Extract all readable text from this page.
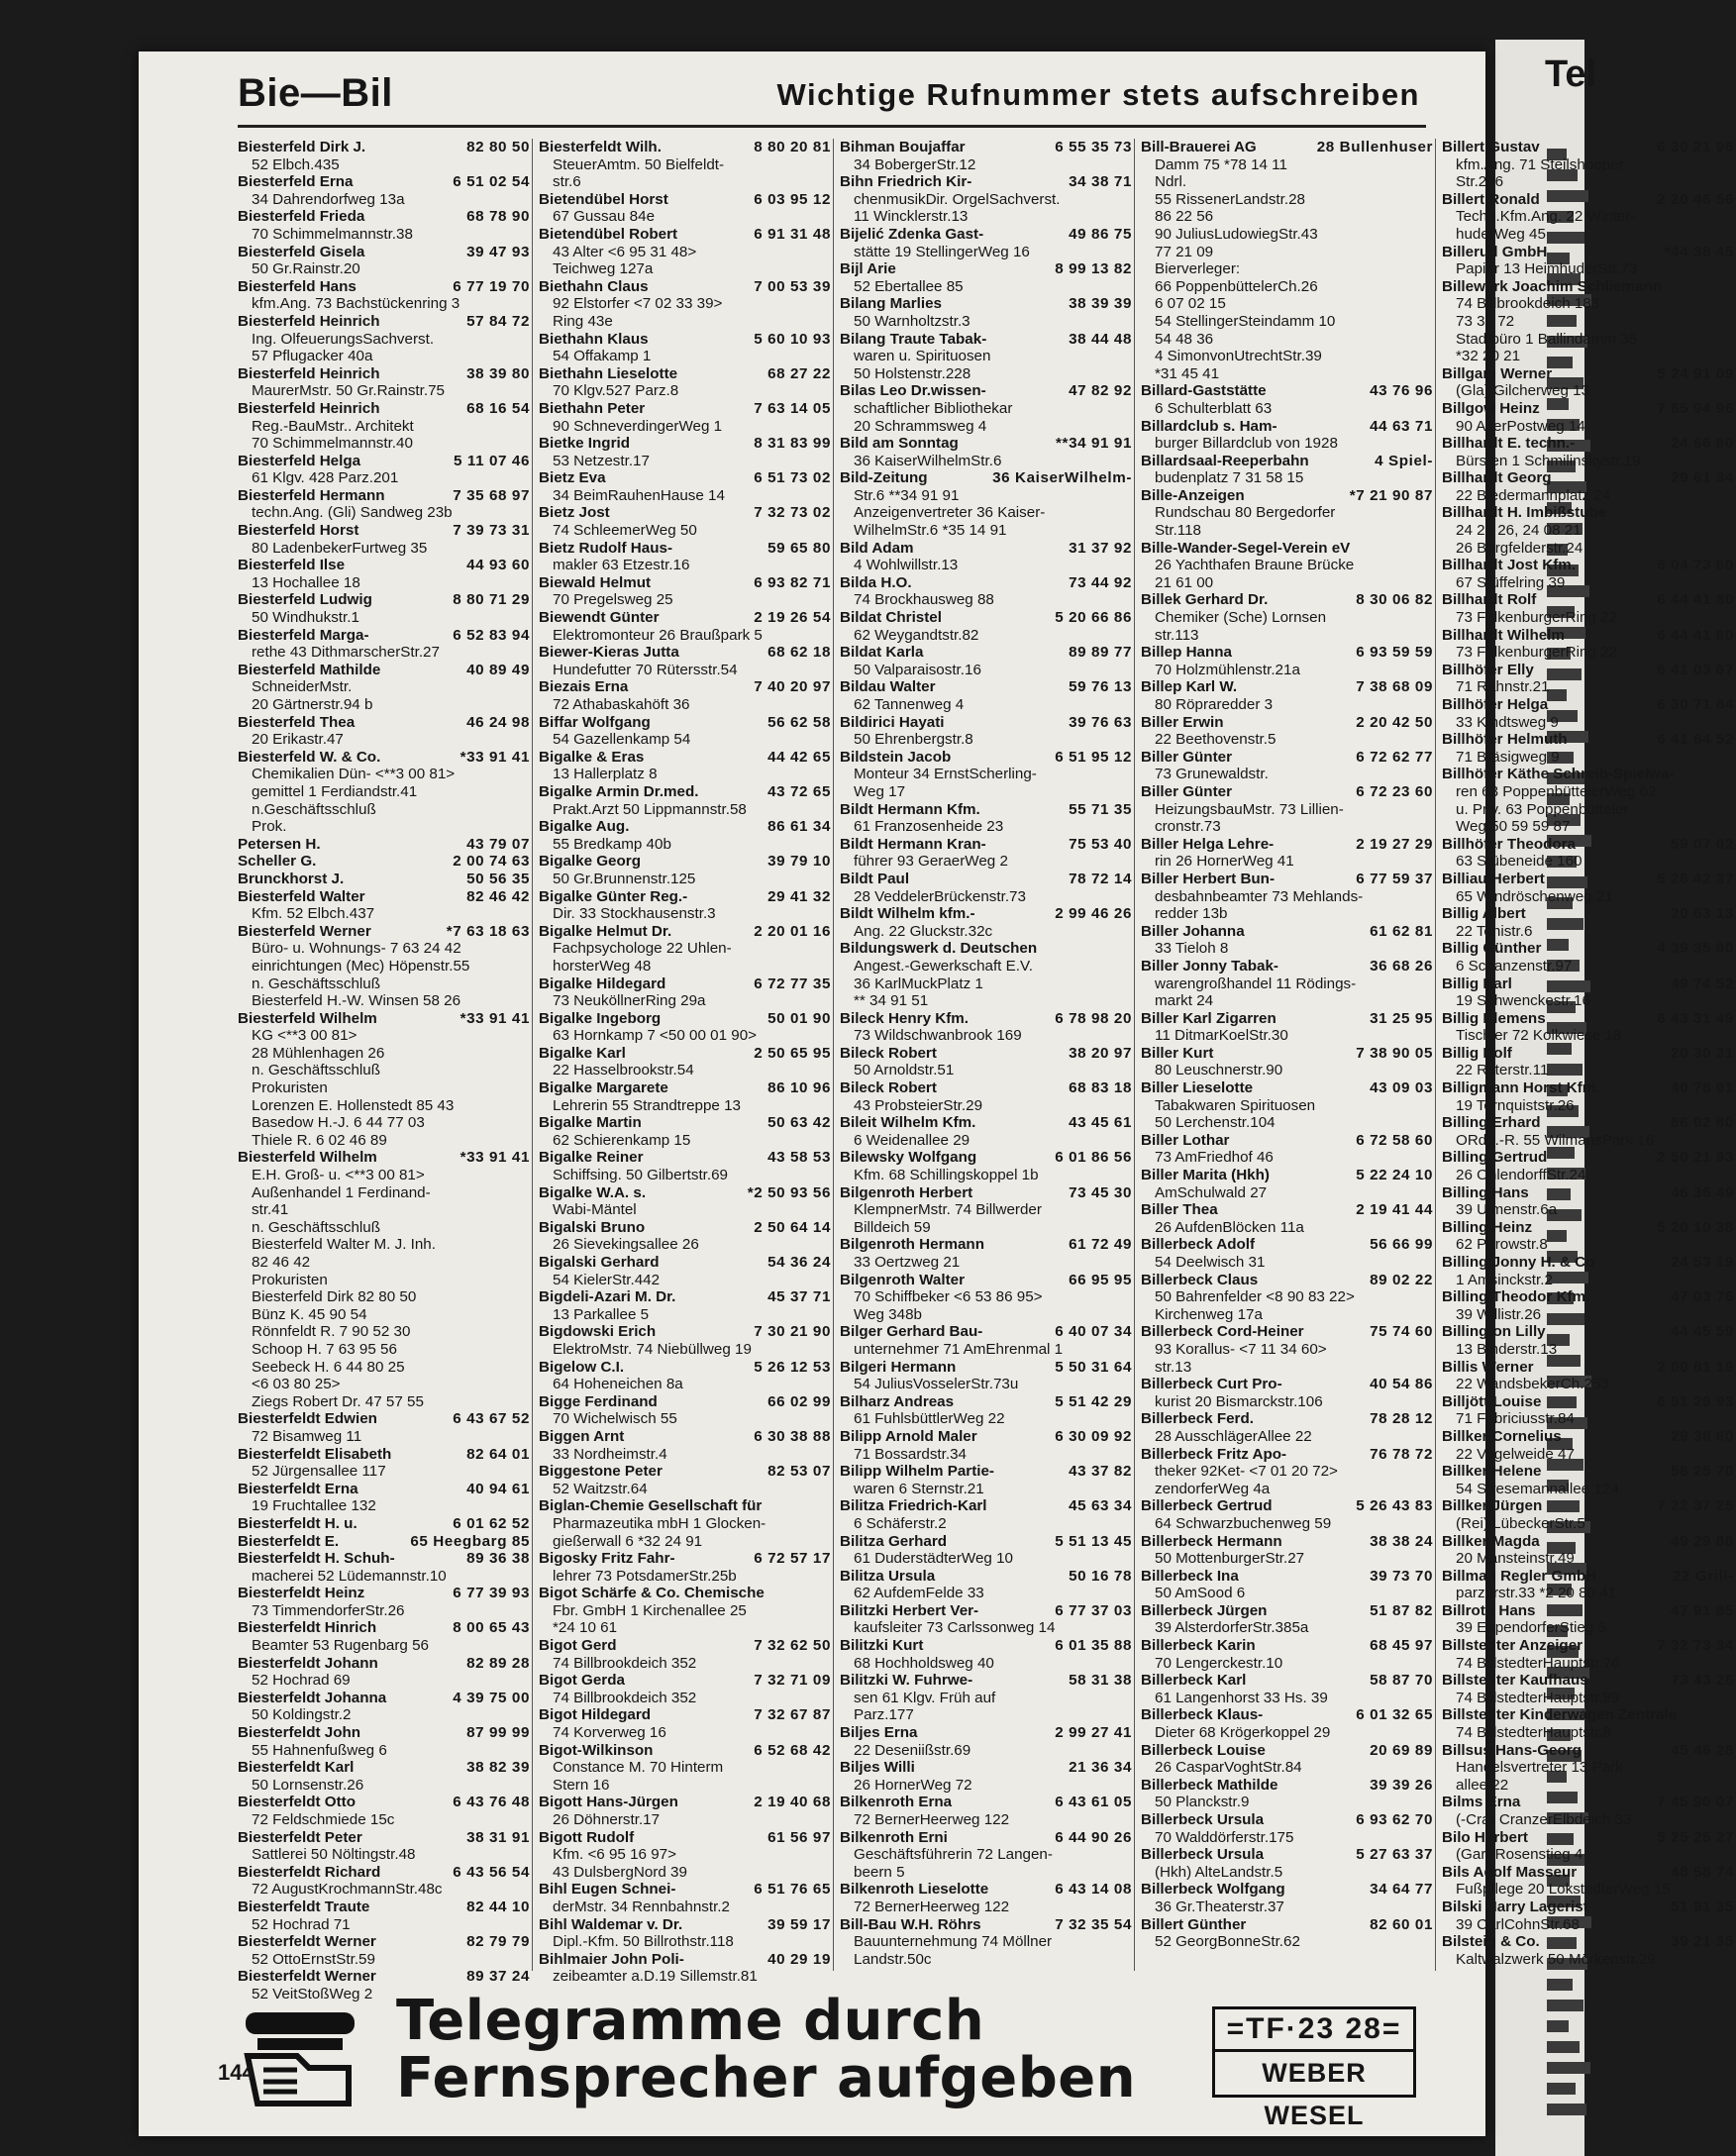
Tel
Bie—Bil	Wichtige Rufnummer stets aufschreiben
Biesterfeld Dirk J.	82 80 50
52 Elbch.435
Biesterfeld Erna	6 51 02 54
34 Dahrendorfweg 13a
Biesterfeld Frieda	68 78 90
70 Schimmelmannstr.38
Biesterfeld Gisela	39 47 93
50 Gr.Rainstr.20
Biesterfeld Hans	6 77 19 70
kfm.Ang. 73 Bachstückenring 3
Biesterfeld Heinrich	57 84 72
Ing. OlfeuerungsSachverst.
57 Pflugacker 40a
Biesterfeld Heinrich	38 39 80
MaurerMstr. 50 Gr.Rainstr.75
Biesterfeld Heinrich	68 16 54
Reg.-BauMstr.. Architekt
70 Schimmelmannstr.40
Biesterfeld Helga	5 11 07 46
61 Klgv. 428 Parz.201
Biesterfeld Hermann	7 35 68 97
techn.Ang. (Gli) Sandweg 23b
Biesterfeld Horst	7 39 73 31
80 LadenbekerFurtweg 35
Biesterfeld Ilse	44 93 60
13 Hochallee 18
Biesterfeld Ludwig	8 80 71 29
50 Windhukstr.1
Biesterfeld Marga-	6 52 83 94
rethe 43 DithmarscherStr.27
Biesterfeld Mathilde	40 89 49
SchneiderMstr.
20 Gärtnerstr.94 b
Biesterfeld Thea	46 24 98
20 Erikastr.47
Biesterfeld W. & Co.	*33 91 41
Chemikalien Dün- <**3 00 81>
gemittel 1 Ferdiandstr.41
n.Geschäftsschluß
Prok.
Petersen H.	43 79 07
Scheller G.	2 00 74 63
Brunckhorst J.	50 56 35
Biesterfeld Walter	82 46 42
Kfm. 52 Elbch.437
Biesterfeld Werner	*7 63 18 63
Büro- u. Wohnungs- 7 63 24 42
einrichtungen (Mec) Höpenstr.55
n. Geschäftsschluß
Biesterfeld H.-W. Winsen 58 26
Biesterfeld Wilhelm	*33 91 41
KG <**3 00 81>
28 Mühlenhagen 26
n. Geschäftsschluß
Prokuristen
Lorenzen E. Hollenstedt 85 43
Basedow H.-J. 6 44 77 03
Thiele R. 6 02 46 89
Biesterfeld Wilhelm	*33 91 41
E.H. Groß- u. <**3 00 81>
Außenhandel 1 Ferdinand-
str.41
n. Geschäftsschluß
Biesterfeld Walter M. J. Inh.
82 46 42
Prokuristen
Biesterfeld Dirk 82 80 50
Bünz K. 45 90 54
Rönnfeldt R. 7 90 52 30
Schoop H. 7 63 95 56
Seebeck H. 6 44 80 25
<6 03 80 25>
Ziegs Robert Dr. 47 57 55
Biesterfeldt Edwien	6 43 67 52
72 Bisamweg 11
Biesterfeldt Elisabeth	82 64 01
52 Jürgensallee 117
Biesterfeldt Erna	40 94 61
19 Fruchtallee 132
Biesterfeldt H. u.	6 01 62 52
Biesterfeldt E.	65 Heegbarg 85
Biesterfeldt H. Schuh-	89 36 38
macherei 52 Lüdemannstr.10
Biesterfeldt Heinz	6 77 39 93
73 TimmendorferStr.26
Biesterfeldt Hinrich	8 00 65 43
Beamter 53 Rugenbarg 56
Biesterfeldt Johann	82 89 28
52 Hochrad 69
Biesterfeldt Johanna	4 39 75 00
50 Koldingstr.2
Biesterfeldt John	87 99 99
55 Hahnenfußweg 6
Biesterfeldt Karl	38 82 39
50 Lornsenstr.26
Biesterfeldt Otto	6 43 76 48
72 Feldschmiede 15c
Biesterfeldt Peter	38 31 91
Sattlerei 50 Nöltingstr.48
Biesterfeldt Richard	6 43 56 54
72 AugustKrochmannStr.48c
Biesterfeldt Traute	82 44 10
52 Hochrad 71
Biesterfeldt Werner	82 79 79
52 OttoErnstStr.59
Biesterfeldt Werner	89 37 24
52 VeitStoßWeg 2
Biesterfeldt Wilh.	8 80 20 81
SteuerAmtm. 50 Bielfeldt-
str.6
Bietendübel Horst	6 03 95 12
67 Gussau 84e
Bietendübel Robert	6 91 31 48
43 Alter <6 95 31 48>
Teichweg 127a
Biethahn Claus	7 00 53 39
92 Elstorfer <7 02 33 39>
Ring 43e
Biethahn Klaus	5 60 10 93
54 Offakamp 1
Biethahn Lieselotte	68 27 22
70 Klgv.527 Parz.8
Biethahn Peter	7 63 14 05
90 SchneverdingerWeg 1
Bietke Ingrid	8 31 83 99
53 Netzestr.17
Bietz Eva	6 51 73 02
34 BeimRauhenHause 14
Bietz Jost	7 32 73 02
74 SchleemerWeg 50
Bietz Rudolf Haus-	59 65 80
makler 63 Etzestr.16
Biewald Helmut	6 93 82 71
70 Pregelsweg 25
Biewendt Günter	2 19 26 54
Elektromonteur 26 Braußpark 5
Biewer-Kieras Jutta	68 62 18
Hundefutter 70 Rütersstr.54
Biezais Erna	7 40 20 97
72 Athabaskahöft 36
Biffar Wolfgang	56 62 58
54 Gazellenkamp 54
Bigalke & Eras	44 42 65
13 Hallerplatz 8
Bigalke Armin Dr.med.	43 72 65
Prakt.Arzt 50 Lippmannstr.58
Bigalke Aug.	86 61 34
55 Bredkamp 40b
Bigalke Georg	39 79 10
50 Gr.Brunnenstr.125
Bigalke Günter Reg.-	29 41 32
Dir. 33 Stockhausenstr.3
Bigalke Helmut Dr.	2 20 01 16
Fachpsychologe 22 Uhlen-
horsterWeg 48
Bigalke Hildegard	6 72 77 35
73 NeuköllnerRing 29a
Bigalke Ingeborg	50 01 90
63 Hornkamp 7 <50 00 01 90>
Bigalke Karl	2 50 65 95
22 Hasselbrookstr.54
Bigalke Margarete	86 10 96
Lehrerin 55 Strandtreppe 13
Bigalke Martin	50 63 42
62 Schierenkamp 15
Bigalke Reiner	43 58 53
Schiffsing. 50 Gilbertstr.69
Bigalke W.A. s.	*2 50 93 56
Wabi-Mäntel
Bigalski Bruno	2 50 64 14
26 Sievekingsallee 26
Bigalski Gerhard	54 36 24
54 KielerStr.442
Bigdeli-Azari M. Dr.	45 37 71
13 Parkallee 5
Bigdowski Erich	7 30 21 90
ElektroMstr. 74 Niebüllweg 19
Bigelow C.I.	5 26 12 53
64 Hoheneichen 8a
Bigge Ferdinand	66 02 99
70 Wichelwisch 55
Biggen Arnt	6 30 38 88
33 Nordheimstr.4
Biggestone Peter	82 53 07
52 Waitzstr.64
Biglan-Chemie Gesellschaft für
Pharmazeutika mbH 1 Glocken-
gießerwall 6 *32 24 91
Bigosky Fritz Fahr-	6 72 57 17
lehrer 73 PotsdamerStr.25b
Bigot Schärfe & Co. Chemische
Fbr. GmbH 1 Kirchenallee 25
*24 10 61
Bigot Gerd	7 32 62 50
74 Billbrookdeich 352
Bigot Gerda	7 32 71 09
74 Billbrookdeich 352
Bigot Hildegard	7 32 67 87
74 Korverweg 16
Bigot-Wilkinson	6 52 68 42
Constance M. 70 Hinterm
Stern 16
Bigott Hans-Jürgen	2 19 40 68
26 Döhnerstr.17
Bigott Rudolf	61 56 97
Kfm. <6 95 16 97>
43 DulsbergNord 39
Bihl Eugen Schnei-	6 51 76 65
derMstr. 34 Rennbahnstr.2
Bihl Waldemar v. Dr.	39 59 17
Dipl.-Kfm. 50 Billrothstr.118
Bihlmaier John Poli-	40 29 19
zeibeamter a.D.19 Sillemstr.81
Bihman Boujaffar	6 55 35 73
34 BobergerStr.12
Bihn Friedrich Kir-	34 38 71
chenmusikDir. OrgelSachverst.
11 Wincklerstr.13
Bijelić Zdenka Gast-	49 86 75
stätte 19 StellingerWeg 16
Bijl Arie	8 99 13 82
52 Ebertallee 85
Bilang Marlies	38 39 39
50 Warnholtzstr.3
Bilang Traute Tabak-	38 44 48
waren u. Spirituosen
50 Holstenstr.228
Bilas Leo Dr.wissen-	47 82 92
schaftlicher Bibliothekar
20 Schrammsweg 4
Bild am Sonntag	**34 91 91
36 KaiserWilhelmStr.6
Bild-Zeitung	36 KaiserWilhelm-
Str.6 **34 91 91
Anzeigenvertreter 36 Kaiser-
WilhelmStr.6 *35 14 91
Bild Adam	31 37 92
4 Wohlwillstr.13
Bilda H.O.	73 44 92
74 Brockhausweg 88
Bildat Christel	5 20 66 86
62 Weygandtstr.82
Bildat Karla	89 89 77
50 Valparaisostr.16
Bildau Walter	59 76 13
62 Tannenweg 4
Bildirici Hayati	39 76 63
50 Ehrenbergstr.8
Bildstein Jacob	6 51 95 12
Monteur 34 ErnstScherling-
Weg 17
Bildt Hermann Kfm.	55 71 35
61 Franzosenheide 23
Bildt Hermann Kran-	75 53 40
führer 93 GeraerWeg 2
Bildt Paul	78 72 14
28 VeddelerBrückenstr.73
Bildt Wilhelm kfm.-	2 99 46 26
Ang. 22 Gluckstr.32c
Bildungswerk d. Deutschen
Angest.-Gewerkschaft E.V.
36 KarlMuckPlatz 1
** 34 91 51
Bileck Henry Kfm.	6 78 98 20
73 Wildschwanbrook 169
Bileck Robert	38 20 97
50 Arnoldstr.51
Bileck Robert	68 83 18
43 ProbsteierStr.29
Bileit Wilhelm Kfm.	43 45 61
6 Weidenallee 29
Bilewsky Wolfgang	6 01 86 56
Kfm. 68 Schillingskoppel 1b
Bilgenroth Herbert	73 45 30
KlempnerMstr. 74 Billwerder
Billdeich 59
Bilgenroth Hermann	61 72 49
33 Oertzweg 21
Bilgenroth Walter	66 95 95
70 Schiffbeker <6 53 86 95>
Weg 348b
Bilger Gerhard Bau-	6 40 07 34
unternehmer 71 AmEhrenmal 1
Bilgeri Hermann	5 50 31 64
54 JuliusVosselerStr.73u
Bilharz Andreas	5 51 42 29
61 FuhlsbüttlerWeg 22
Bilipp Arnold Maler	6 30 09 92
71 Bossardstr.34
Bilipp Wilhelm Partie-	43 37 82
waren 6 Sternstr.21
Bilitza Friedrich-Karl	45 63 34
6 Schäferstr.2
Bilitza Gerhard	5 51 13 45
61 DuderstädterWeg 10
Bilitza Ursula	50 16 78
62 AufdemFelde 33
Bilitzki Herbert Ver-	6 77 37 03
kaufsleiter 73 Carlssonweg 14
Bilitzki Kurt	6 01 35 88
68 Hochholdsweg 40
Bilitzki W. Fuhrwe-	58 31 38
sen 61 Klgv. Früh auf
Parz.177
Biljes Erna	2 99 27 41
22 Deseniißstr.69
Biljes Willi	21 36 34
26 HornerWeg 72
Bilkenroth Erna	6 43 61 05
72 BernerHeerweg 122
Bilkenroth Erni	6 44 90 26
Geschäftsführerin 72 Langen-
beern 5
Bilkenroth Lieselotte	6 43 14 08
72 BernerHeerweg 122
Bill-Bau W.H. Röhrs	7 32 35 54
Bauunternehmung 74 Möllner
Landstr.50c
Bill-Brauerei AG	28 Bullenhuser
Damm 75 *78 14 11
Ndrl.
55 RissenerLandstr.28
86 22 56
90 JuliusLudowiegStr.43
77 21 09
Bierverleger:
66 PoppenbüttelerCh.26
6 07 02 15
54 StellingerSteindamm 10
54 48 36
4 SimonvonUtrechtStr.39
*31 45 41
Billard-Gaststätte	43 76 96
6 Schulterblatt 63
Billardclub s. Ham-	44 63 71
burger Billardclub von 1928
Billardsaal-Reeperbahn	4 Spiel-
budenplatz 7 31 58 15
Bille-Anzeigen	*7 21 90 87
Rundschau 80 Bergedorfer
Str.118
Bille-Wander-Segel-Verein eV
26 Yachthafen Braune Brücke
21 61 00
Billek Gerhard Dr.	8 30 06 82
Chemiker (Sche) Lornsen
str.113
Billep Hanna	6 93 59 59
70 Holzmühlenstr.21a
Billep Karl W.	7 38 68 09
80 Röpraredder 3
Biller Erwin	2 20 42 50
22 Beethovenstr.5
Biller Günter	6 72 62 77
73 Grunewaldstr.
Biller Günter	6 72 23 60
HeizungsbauMstr. 73 Lillien-
cronstr.73
Biller Helga Lehre-	2 19 27 29
rin 26 HornerWeg 41
Biller Herbert Bun-	6 77 59 37
desbahnbeamter 73 Mehlands-
redder 13b
Biller Johanna	61 62 81
33 Tieloh 8
Biller Jonny Tabak-	36 68 26
warengroßhandel 11 Rödings-
markt 24
Biller Karl Zigarren	31 25 95
11 DitmarKoelStr.30
Biller Kurt	7 38 90 05
80 Leuschnerstr.90
Biller Lieselotte	43 09 03
Tabakwaren Spirituosen
50 Lerchenstr.104
Biller Lothar	6 72 58 60
73 AmFriedhof 46
Biller Marita (Hkh)	5 22 24 10
AmSchulwald 27
Biller Thea	2 19 41 44
26 AufdenBlöcken 11a
Billerbeck Adolf	56 66 99
54 Deelwisch 31
Billerbeck Claus	89 02 22
50 Bahrenfelder <8 90 83 22>
Kirchenweg 17a
Billerbeck Cord-Heiner	75 74 60
93 Korallus- <7 11 34 60>
str.13
Billerbeck Curt Pro-	40 54 86
kurist 20 Bismarckstr.106
Billerbeck Ferd.	78 28 12
28 AusschlägerAllee 22
Billerbeck Fritz Apo-	76 78 72
theker 92Ket- <7 01 20 72>
zendorferWeg 4a
Billerbeck Gertrud	5 26 43 83
64 Schwarzbuchenweg 59
Billerbeck Hermann	38 38 24
50 MottenburgerStr.27
Billerbeck Ina	39 73 70
50 AmSood 6
Billerbeck Jürgen	51 87 82
39 AlsterdorferStr.385a
Billerbeck Karin	68 45 97
70 Lengerckestr.10
Billerbeck Karl	58 87 70
61 Langenhorst 33 Hs. 39
Billerbeck Klaus-	6 01 32 65
Dieter 68 Krögerkoppel 29
Billerbeck Louise	20 69 89
26 CasparVoghtStr.84
Billerbeck Mathilde	39 39 26
50 Planckstr.9
Billerbeck Ursula	6 93 62 70
70 Walddörferstr.175
Billerbeck Ursula	5 27 63 37
(Hkh) AlteLandstr.5
Billerbeck Wolfgang	34 64 77
36 Gr.Theaterstr.37
Billert Günther	82 60 01
52 GeorgBonneStr.62
Billert Gustav	6 30 21 96
kfm.Ang. 71 Steilshooper
Str.296
Billert Ronald	2 20 46 56
Techn.Kfm.Ang. 22 Winter-
huderWeg 45
Billerud GmbH	*44 38 45
Papier 13 HeimhuderStr.73
Billewerk Joachim Schliemann
74 Billbrookdeich 183
73 31 72
Stadtbüro 1 Ballindamm 35
*32 20 21
Billgam Werner	5 24 91 09
(Gla) Gilcherweg 13
Billgow Heinz	7 65 94 96
90 AlterPostweg 14
Billhardt E. techn.-	24 66 80
Bürsten 1 Schmilinskystr.19
Billhardt Georg	29 61 34
22 Biedermannplatz 24
Billhardt H. Imbißstube
24 26 26, 24 08 21
26 Borgfelderstr.24
Billhardt Jost Kfm.	6 04 73 60
67 Stüffelring 39
Billhardt Rolf	6 44 41 80
73 FalkenburgerRing 22
Billhardt Wilhelm	6 44 41 80
73 FalkenburgerRing 22
Billhöfer Elly	6 41 03 67
71 Rahnstr.21
Billhöfer Helga	6 30 71 84
33 Kindtsweg 9
Billhöfer Helmuth	6 41 64 52
71 Bräsigweg 9
Billhöfer Käthe Schreib-Spielwa-
ren 63 PoppenbüttelerWeg 62
u. Priv. 63 Poppenbütteler
Weg 50 59 59 87
Billhöfer Theodora	59 07 02
63 Stübeneide 160
Billiau Herbert	5 26 42 37
65 Windröschenweg 21
Billig Albert	20 63 13
22 Tonistr.6
Billig Günther	4 39 35 90
6 Schanzenstr.97
Billig Karl	49 74 52
19 Schwenckestr.16
Billig Klemens	6 43 31 49
Tischler 72 Kolkwiese 18
Billig Rolf	20 30 31
22 Ritterstr.11
Billigmann Horst Kfm.	40 78 91
19 Tornquiststr.26
Billing Erhard	86 02 80
ORdg.-R. 55 WilmansPark 16
Billing Gertrud	2 50 21 93
26 OhlendorffStr.24
Billing Hans	46 36 49
39 Ulmenstr.6a
Billing Heinz	5 20 10 38
62 Parowstr.8
Billing Jonny H. & Co	24 53 19
1 Amsinckstr.2
Billing Theodor Kfm.	47 03 76
39 Willistr.26
Billington Lilly	44 45 59
13 Binderstr.13
Billis Werner	2 00 81 19
22 WandsbekerCh.253
Billjött Louise	6 91 29 93
71 Fabriciusstr.84
Billker Cornelius	29 38 60
22 Vogelweide 47
Billker Helene	56 25 70
54 Stresemannallee 124
Billker Jürgen	7 22 37 25
(Rei) LübeckerStr.5
Billker Magda	49 29 88
20 Mansteinstr.49
Billman Regler GmbH	22 Grill-
parzerstr.33 *2 20 80 41
Billroth Hans	47 91 85
39 EppendorferStieg 5
Billstedter Anzeiger	7 32 73 34
74 BillstedterHauptstr.76
Billstedter Kaufhaus	73 43 26
74 BillstedterHauptstr.89
Billstedter Kinderwagen Zentrale
74 BillstedterHauptstr.8
Billsus Hans-Georg	45 46 28
Handelsvertreter 13 Park-
allee 22
Bilms Erna	7 45 90 07
(-Cra) CranzerElbdeich 33
Bilo Herbert	5 25 25 27
(Gar) Rosenstieg 4
Bils Adolf Masseur	48 58 74
Fußpflege 20 LokstedterWeg 15
Bilski Harry Lagerist	51 91 35
39 CarlCohnStr.68
Bilstein & Co.	39 21 35
Kaltwalzwerk 50 Mörkenstr.29
Telegramme durch
Fernsprecher aufgeben
=TF·23 28=
WEBER WESEL
144
